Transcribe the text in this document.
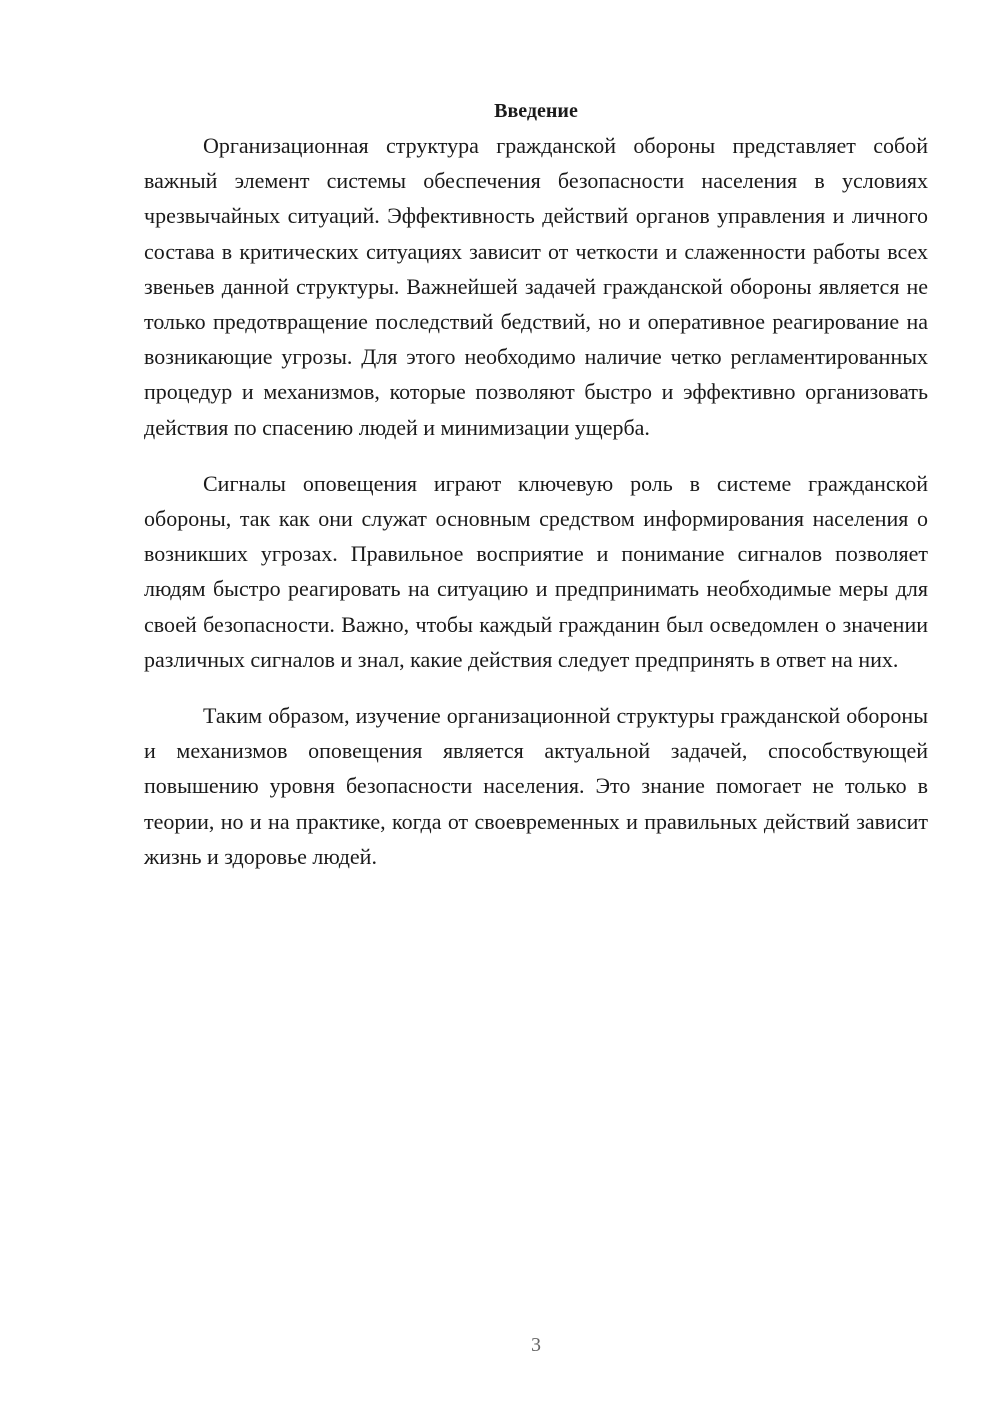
Введение

Организационная структура гражданской обороны представляет собой важный элемент системы обеспечения безопасности населения в условиях чрезвычайных ситуаций. Эффективность действий органов управления и личного состава в критических ситуациях зависит от четкости и слаженности работы всех звеньев данной структуры. Важнейшей задачей гражданской обороны является не только предотвращение последствий бедствий, но и оперативное реагирование на возникающие угрозы. Для этого необходимо наличие четко регламентированных процедур и механизмов, которые позволяют быстро и эффективно организовать действия по спасению людей и минимизации ущерба.

Сигналы оповещения играют ключевую роль в системе гражданской обороны, так как они служат основным средством информирования населения о возникших угрозах. Правильное восприятие и понимание сигналов позволяет людям быстро реагировать на ситуацию и предпринимать необходимые меры для своей безопасности. Важно, чтобы каждый гражданин был осведомлен о значении различных сигналов и знал, какие действия следует предпринять в ответ на них.

Таким образом, изучение организационной структуры гражданской обороны и механизмов оповещения является актуальной задачей, способствующей повышению уровня безопасности населения. Это знание помогает не только в теории, но и на практике, когда от своевременных и правильных действий зависит жизнь и здоровье людей.

3
